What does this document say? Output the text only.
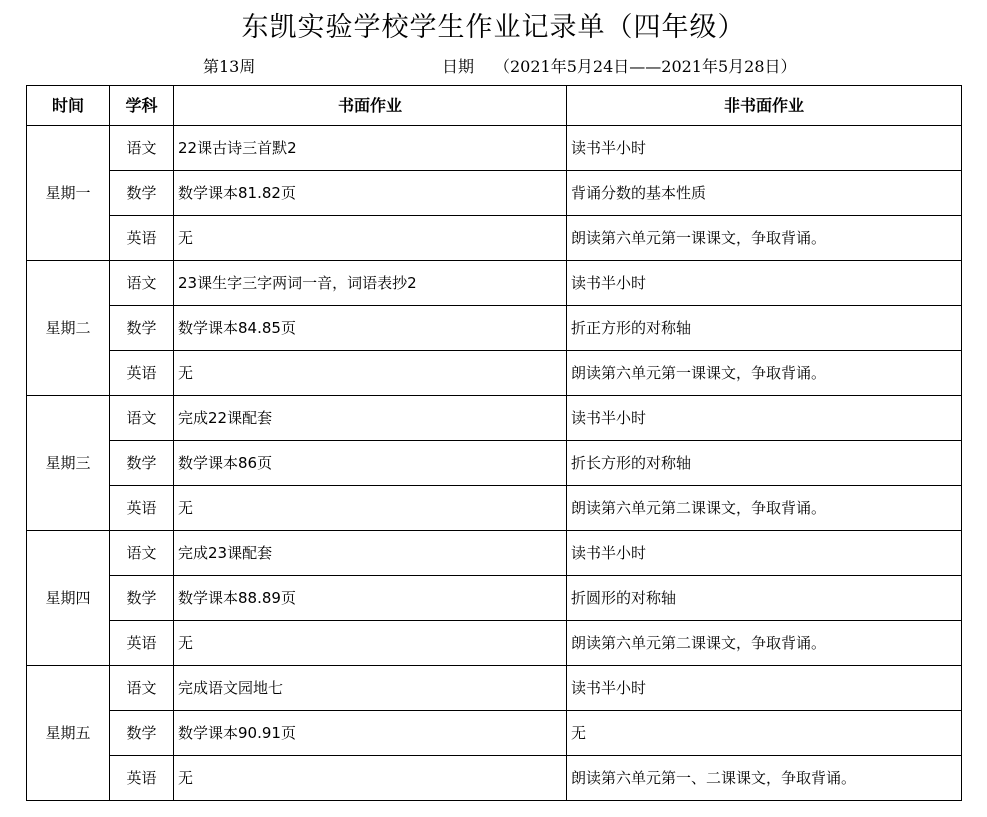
东凯实验学校学生作业记录单（四年级）
第13周	日期 （2021年5月24日——2021年5月28日）
时间	学科	书面作业	非书面作业
星期一	语文	22课古诗三首默2	读书半小时
	数学	数学课本81.82页	背诵分数的基本性质
	英语	无	朗读第六单元第一课课文，争取背诵。
星期二	语文	23课生字三字两词一音，词语表抄2	读书半小时
	数学	数学课本84.85页	折正方形的对称轴
	英语	无	朗读第六单元第一课课文，争取背诵。
星期三	语文	完成22课配套	读书半小时
	数学	数学课本86页	折长方形的对称轴
	英语	无	朗读第六单元第二课课文，争取背诵。
星期四	语文	完成23课配套	读书半小时
	数学	数学课本88.89页	折圆形的对称轴
	英语	无	朗读第六单元第二课课文，争取背诵。
星期五	语文	完成语文园地七	读书半小时
	数学	数学课本90.91页	无
	英语	无	朗读第六单元第一、二课课文，争取背诵。
